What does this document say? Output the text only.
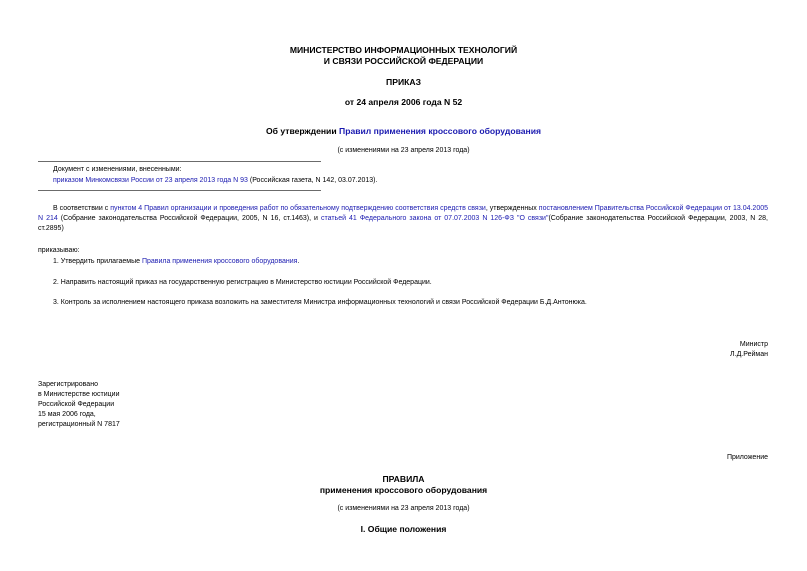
МИНИСТЕРСТВО ИНФОРМАЦИОННЫХ ТЕХНОЛОГИЙ
И СВЯЗИ РОССИЙСКОЙ ФЕДЕРАЦИИ
ПРИКАЗ
от 24 апреля 2006 года N 52
Об утверждении Правил применения кроссового оборудования
(с изменениями на 23 апреля 2013 года)
Документ с изменениями, внесенными:
приказом Минкомсвязи России от 23 апреля 2013 года N 93 (Российская газета, N 142, 03.07.2013).
В соответствии с пунктом 4 Правил организации и проведения работ по обязательному подтверждению соответствия средств связи, утвержденных постановлением Правительства Российской Федерации от 13.04.2005 N 214 (Собрание законодательства Российской Федерации, 2005, N 16, ст.1463), и статьей 41 Федерального закона от 07.07.2003 N 126-ФЗ "О связи"(Собрание законодательства Российской Федерации, 2003, N 28, ст.2895)
приказываю:
1. Утвердить прилагаемые Правила применения кроссового оборудования.
2. Направить настоящий приказ на государственную регистрацию в Министерство юстиции Российской Федерации.
3. Контроль за исполнением настоящего приказа возложить на заместителя Министра информационных технологий и связи Российской Федерации Б.Д.Антонюка.
Министр
Л.Д.Рейман
Зарегистрировано
в Министерстве юстиции
Российской Федерации
15 мая 2006 года,
регистрационный N 7817
Приложение
ПРАВИЛА
применения кроссового оборудования
(с изменениями на 23 апреля 2013 года)
I. Общие положения
